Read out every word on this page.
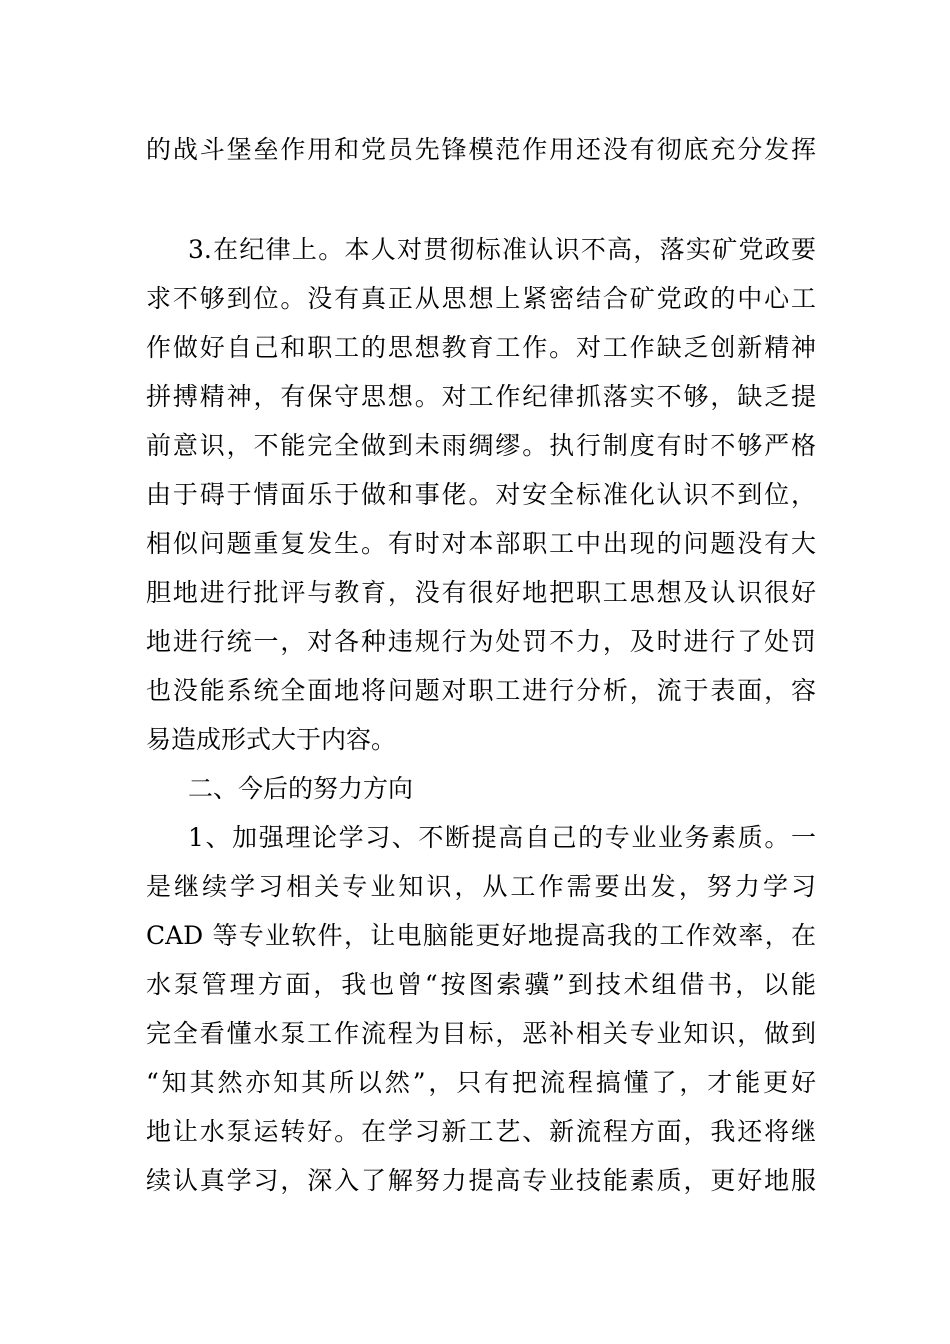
的战斗堡垒作用和党员先锋模范作用还没有彻底充分发挥
3.在纪律上。本人对贯彻标准认识不高，落实矿党政要
求不够到位。没有真正从思想上紧密结合矿党政的中心工
作做好自己和职工的思想教育工作。对工作缺乏创新精神
拼搏精神，有保守思想。对工作纪律抓落实不够，缺乏提
前意识，不能完全做到未雨绸缪。执行制度有时不够严格
由于碍于情面乐于做和事佬。对安全标准化认识不到位，
相似问题重复发生。有时对本部职工中出现的问题没有大
胆地进行批评与教育，没有很好地把职工思想及认识很好
地进行统一，对各种违规行为处罚不力，及时进行了处罚
也没能系统全面地将问题对职工进行分析，流于表面，容
易造成形式大于内容。
二、今后的努力方向
1、加强理论学习、不断提高自己的专业业务素质。一
是继续学习相关专业知识，从工作需要出发，努力学习
CAD 等专业软件，让电脑能更好地提高我的工作效率，在
水泵管理方面，我也曾“按图索骥”到技术组借书，以能
完全看懂水泵工作流程为目标，恶补相关专业知识，做到
“知其然亦知其所以然”，只有把流程搞懂了，才能更好
地让水泵运转好。在学习新工艺、新流程方面，我还将继
续认真学习，深入了解努力提高专业技能素质，更好地服
